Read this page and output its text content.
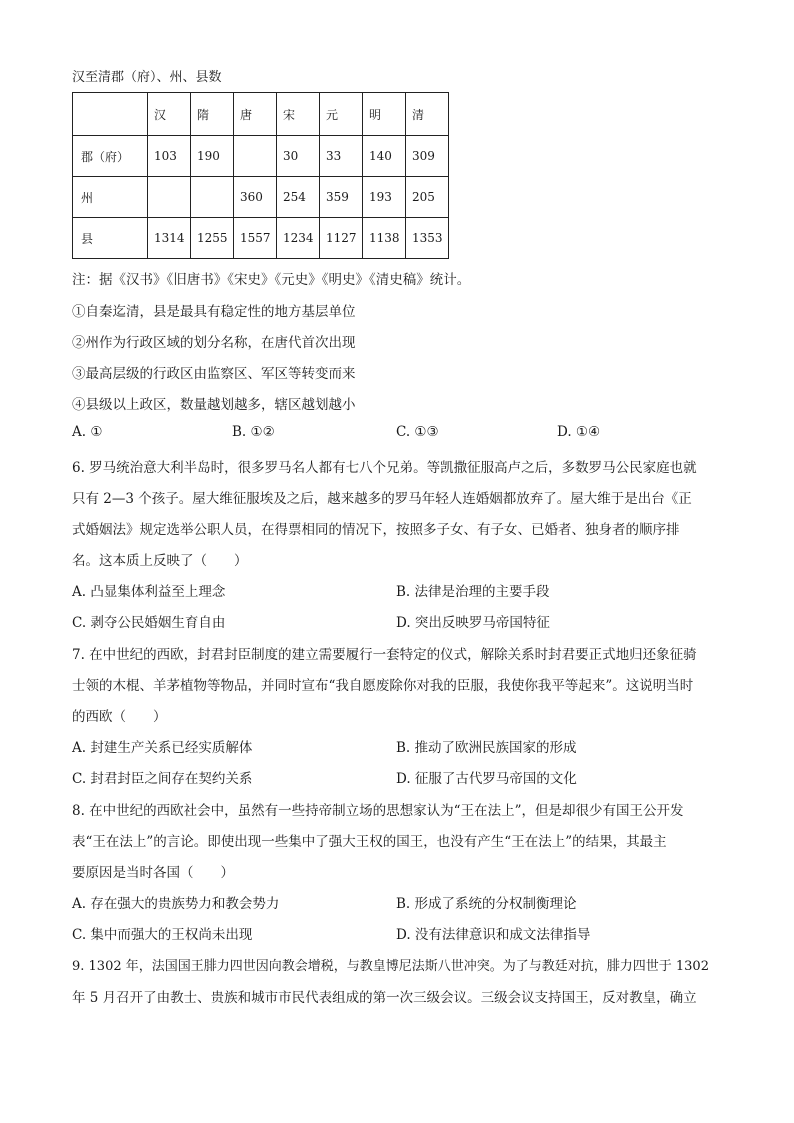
汉至清郡（府）、州、县数
	汉	隋	唐	宋	元	明	清
郡（府）	103	190		30	33	140	309
州			360	254	359	193	205
县	1314	1255	1557	1234	1127	1138	1353
注：据《汉书》《旧唐书》《宋史》《元史》《明史》《清史稿》统计。
①自秦迄清，县是最具有稳定性的地方基层单位
②州作为行政区域的划分名称，在唐代首次出现
③最高层级的行政区由监察区、军区等转变而来
④县级以上政区，数量越划越多，辖区越划越小
A. ①	B. ①②	C. ①③	D. ①④
6. 罗马统治意大利半岛时，很多罗马名人都有七八个兄弟。等凯撒征服高卢之后，多数罗马公民家庭也就
只有 2—3 个孩子。屋大维征服埃及之后，越来越多的罗马年轻人连婚姻都放弃了。屋大维于是出台《正
式婚姻法》规定选举公职人员，在得票相同的情况下，按照多子女、有子女、已婚者、独身者的顺序排
名。这本质上反映了（　　）
A. 凸显集体利益至上理念	B. 法律是治理的主要手段
C. 剥夺公民婚姻生育自由	D. 突出反映罗马帝国特征
7. 在中世纪的西欧，封君封臣制度的建立需要履行一套特定的仪式，解除关系时封君要正式地归还象征骑
士领的木棍、羊茅植物等物品，并同时宣布“我自愿废除你对我的臣服，我使你我平等起来”。这说明当时
的西欧（　　）
A. 封建生产关系已经实质解体	B. 推动了欧洲民族国家的形成
C. 封君封臣之间存在契约关系	D. 征服了古代罗马帝国的文化
8. 在中世纪的西欧社会中，虽然有一些持帝制立场的思想家认为“王在法上”，但是却很少有国王公开发
表“王在法上”的言论。即使出现一些集中了强大王权的国王，也没有产生“王在法上”的结果，其最主
要原因是当时各国（　　）
A. 存在强大的贵族势力和教会势力	B. 形成了系统的分权制衡理论
C. 集中而强大的王权尚未出现	D. 没有法律意识和成文法律指导
9. 1302 年，法国国王腓力四世因向教会增税，与教皇博尼法斯八世冲突。为了与教廷对抗，腓力四世于 1302
年 5 月召开了由教士、贵族和城市市民代表组成的第一次三级会议。三级会议支持国王，反对教皇，确立
